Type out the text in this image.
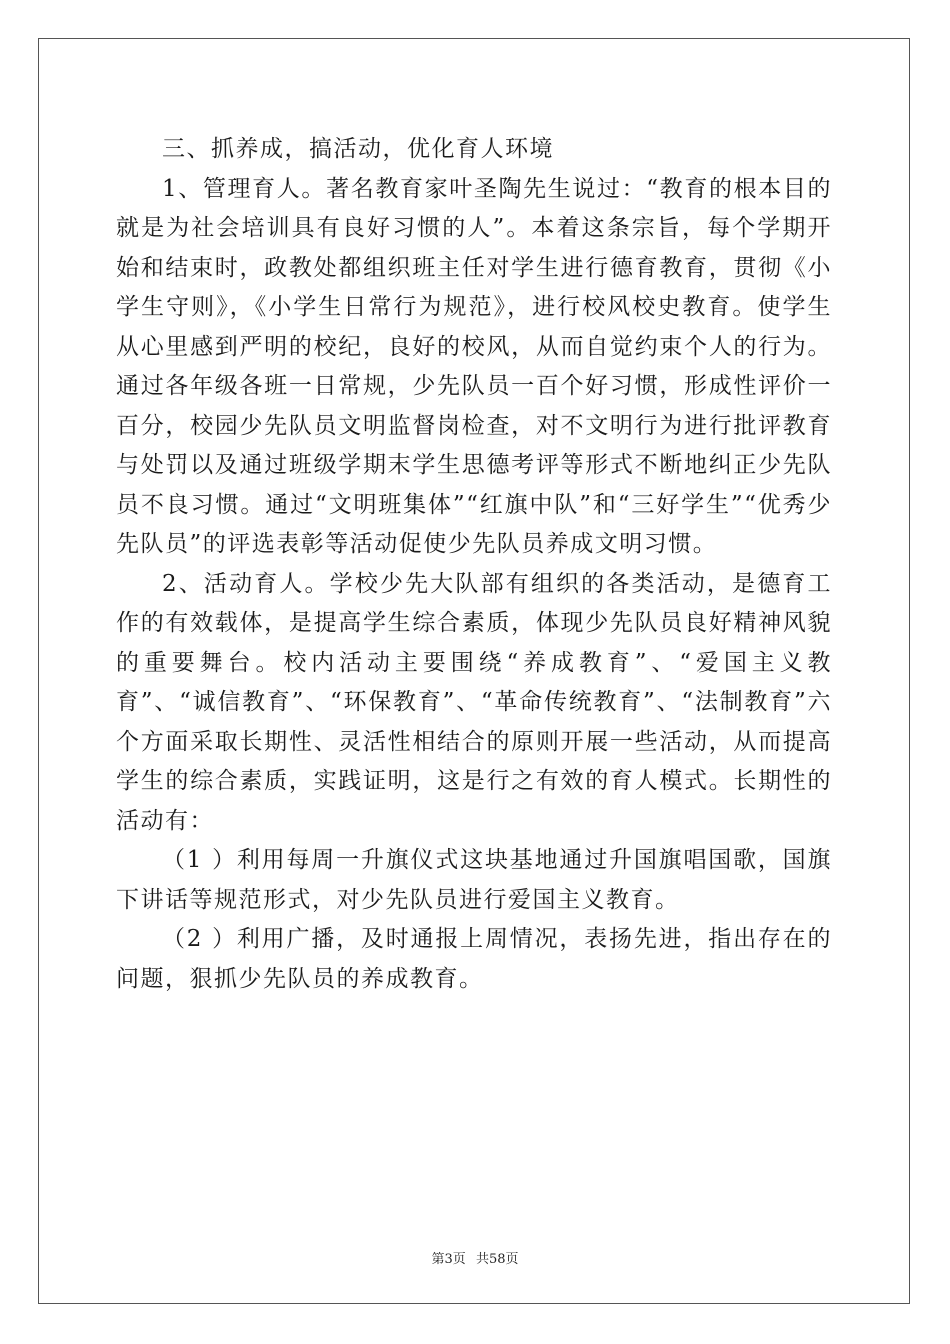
三、抓养成，搞活动，优化育人环境

1、管理育人。著名教育家叶圣陶先生说过：“教育的根本目的就是为社会培训具有良好习惯的人”。本着这条宗旨，每个学期开始和结束时，政教处都组织班主任对学生进行德育教育，贯彻《小学生守则》，《小学生日常行为规范》，进行校风校史教育。使学生从心里感到严明的校纪，良好的校风，从而自觉约束个人的行为。通过各年级各班一日常规，少先队员一百个好习惯，形成性评价一百分，校园少先队员文明监督岗检查，对不文明行为进行批评教育与处罚以及通过班级学期末学生思德考评等形式不断地纠正少先队员不良习惯。通过“文明班集体”“红旗中队”和“三好学生”“优秀少先队员”的评选表彰等活动促使少先队员养成文明习惯。

2、活动育人。学校少先大队部有组织的各类活动，是德育工作的有效载体，是提高学生综合素质，体现少先队员良好精神风貌的重要舞台。校内活动主要围绕“养成教育”、“爱国主义教育”、“诚信教育”、“环保教育”、“革命传统教育”、“法制教育”六个方面采取长期性、灵活性相结合的原则开展一些活动，从而提高学生的综合素质，实践证明，这是行之有效的育人模式。长期性的活动有：

（1 ）利用每周一升旗仪式这块基地通过升国旗唱国歌，国旗下讲话等规范形式，对少先队员进行爱国主义教育。

（2 ）利用广播，及时通报上周情况，表扬先进，指出存在的问题，狠抓少先队员的养成教育。

第3页 共58页
